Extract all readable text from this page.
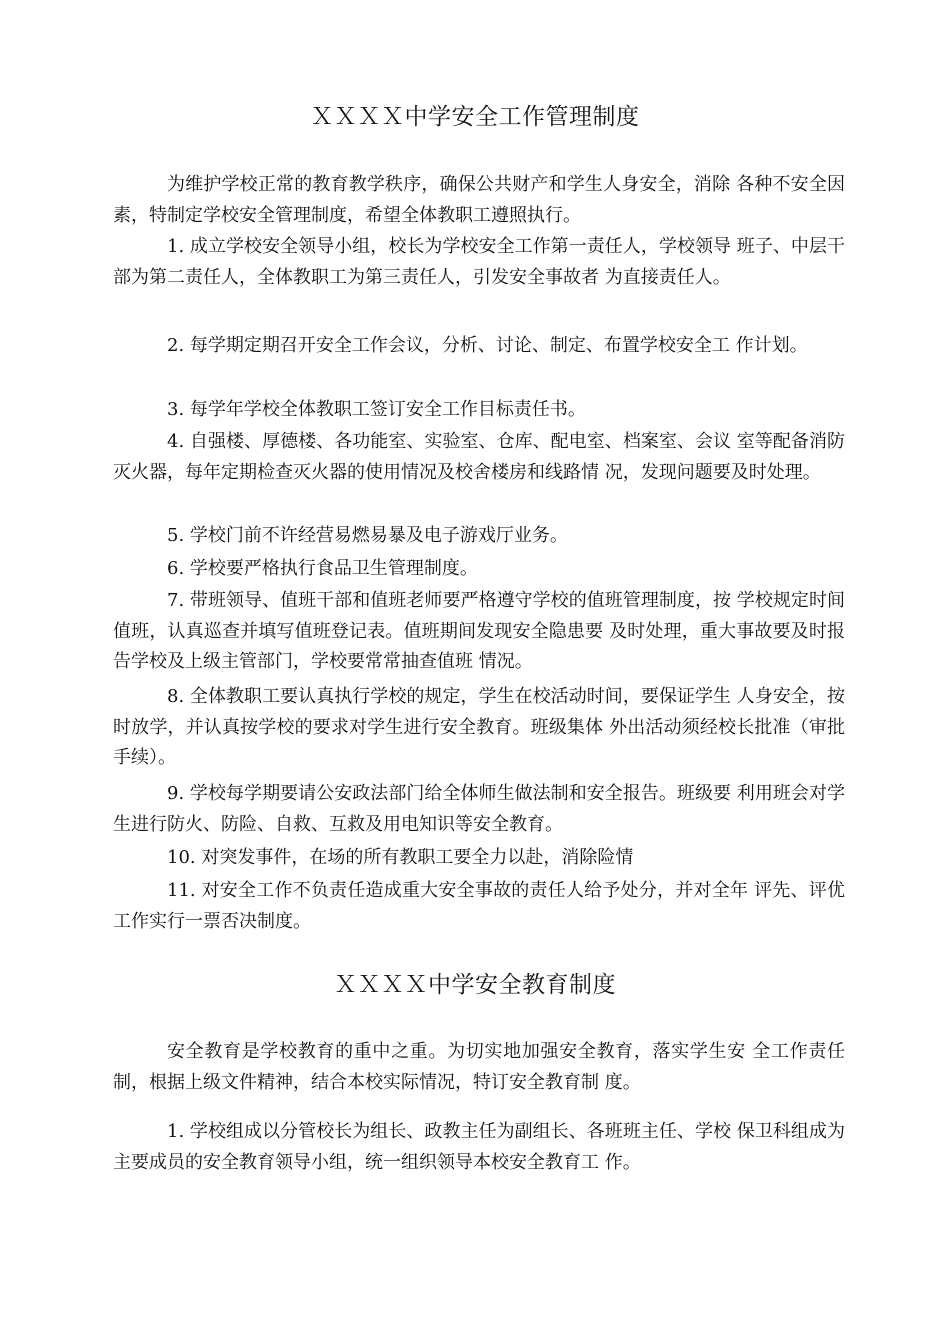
ＸＸＸＸ中学安全工作管理制度

为维护学校正常的教育教学秩序，确保公共财产和学生人身安全，消除 各种不安全因素，特制定学校安全管理制度，希望全体教职工遵照执行。

1. 成立学校安全领导小组，校长为学校安全工作第一责任人，学校领导 班子、中层干部为第二责任人，全体教职工为第三责任人，引发安全事故者 为直接责任人。

2. 每学期定期召开安全工作会议，分析、讨论、制定、布置学校安全工 作计划。

3. 每学年学校全体教职工签订安全工作目标责任书。

4. 自强楼、厚德楼、各功能室、实验室、仓库、配电室、档案室、会议 室等配备消防灭火器，每年定期检查灭火器的使用情况及校舍楼房和线路情 况，发现问题要及时处理。

5. 学校门前不许经营易燃易暴及电子游戏厅业务。

6. 学校要严格执行食品卫生管理制度。

7. 带班领导、值班干部和值班老师要严格遵守学校的值班管理制度，按 学校规定时间值班，认真巡查并填写值班登记表。值班期间发现安全隐患要 及时处理，重大事故要及时报告学校及上级主管部门，学校要常常抽查值班 情况。

8. 全体教职工要认真执行学校的规定，学生在校活动时间，要保证学生 人身安全，按时放学，并认真按学校的要求对学生进行安全教育。班级集体 外出活动须经校长批准（审批手续）。

9. 学校每学期要请公安政法部门给全体师生做法制和安全报告。班级要 利用班会对学生进行防火、防险、自救、互救及用电知识等安全教育。

10. 对突发事件，在场的所有教职工要全力以赴，消除险情

11. 对安全工作不负责任造成重大安全事故的责任人给予处分，并对全年 评先、评优工作实行一票否决制度。

ＸＸＸＸ中学安全教育制度

安全教育是学校教育的重中之重。为切实地加强安全教育，落实学生安 全工作责任制，根据上级文件精神，结合本校实际情况，特订安全教育制 度。

1. 学校组成以分管校长为组长、政教主任为副组长、各班班主任、学校 保卫科组成为主要成员的安全教育领导小组，统一组织领导本校安全教育工 作。
